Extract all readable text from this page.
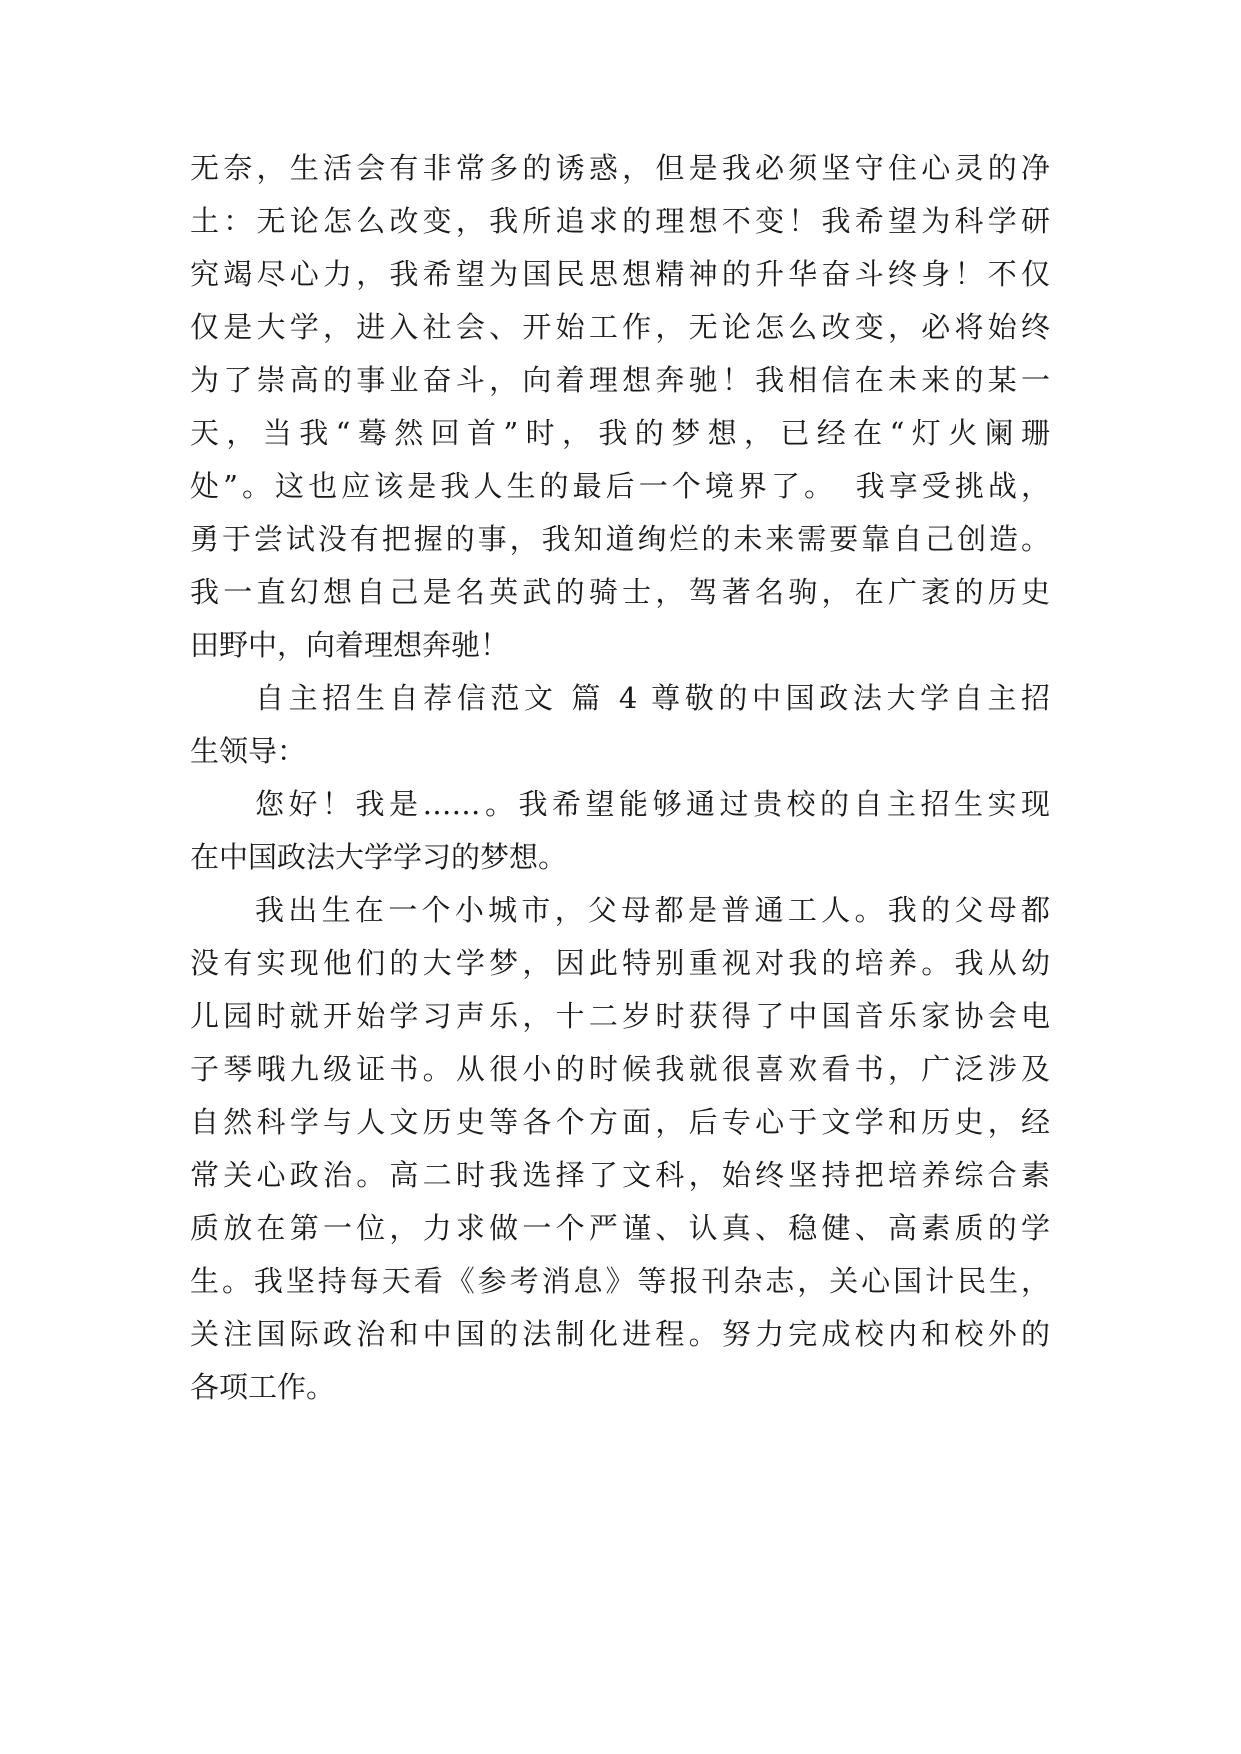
无奈，生活会有非常多的诱惑，但是我必须坚守住心灵的净
土：无论怎么改变，我所追求的理想不变！我希望为科学研
究竭尽心力，我希望为国民思想精神的升华奋斗终身！不仅
仅是大学，进入社会、开始工作，无论怎么改变，必将始终
为了崇高的事业奋斗，向着理想奔驰！我相信在未来的某一
天，当我“蓦然回首”时，我的梦想，已经在“灯火阑珊
处”。这也应该是我人生的最后一个境界了。　我享受挑战，
勇于尝试没有把握的事，我知道绚烂的未来需要靠自己创造。
我一直幻想自己是名英武的骑士，驾著名驹，在广袤的历史
田野中，向着理想奔驰！
自主招生自荐信范文 篇 4 尊敬的中国政法大学自主招
生领导：
您好！我是……。我希望能够通过贵校的自主招生实现
在中国政法大学学习的梦想。
我出生在一个小城市，父母都是普通工人。我的父母都
没有实现他们的大学梦，因此特别重视对我的培养。我从幼
儿园时就开始学习声乐，十二岁时获得了中国音乐家协会电
子琴哦九级证书。从很小的时候我就很喜欢看书，广泛涉及
自然科学与人文历史等各个方面，后专心于文学和历史，经
常关心政治。高二时我选择了文科，始终坚持把培养综合素
质放在第一位，力求做一个严谨、认真、稳健、高素质的学
生。我坚持每天看《参考消息》等报刊杂志，关心国计民生，
关注国际政治和中国的法制化进程。努力完成校内和校外的
各项工作。
